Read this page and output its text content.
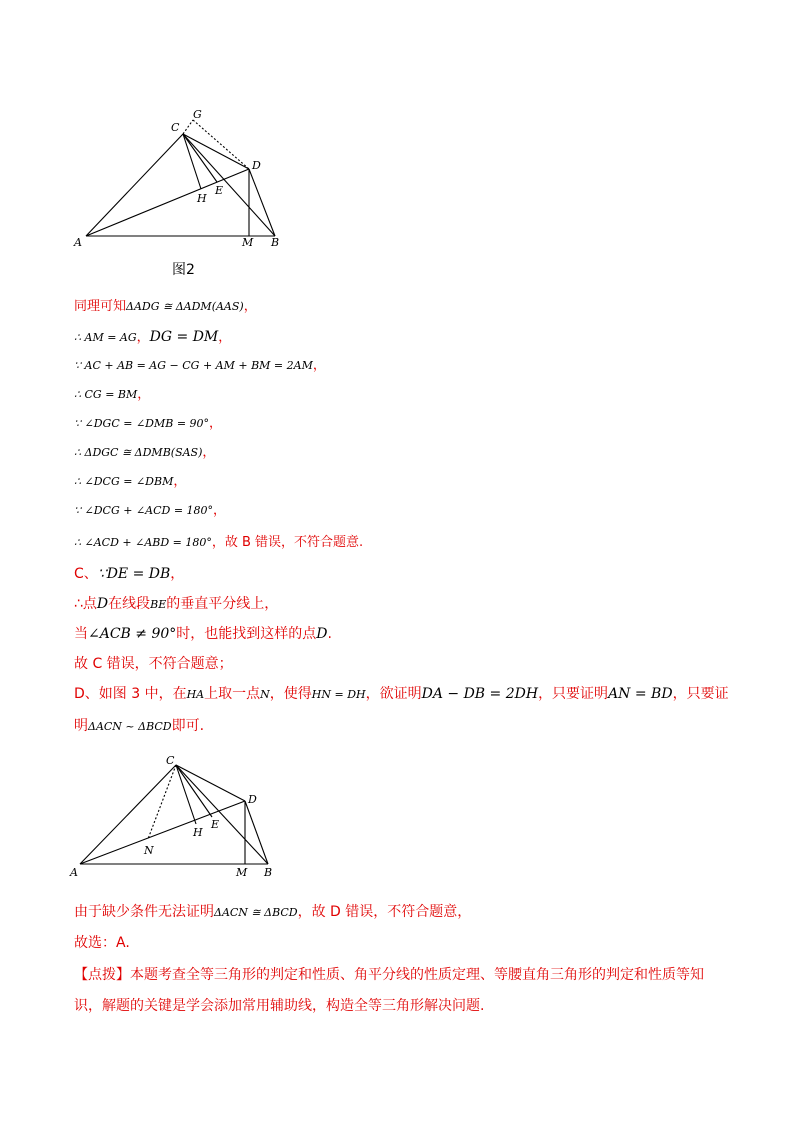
A	B
C
D
E
G
H
M
图2
同理可知ΔADG ≅ ΔADM(AAS)，
∴ AM = AG，DG = DM，
∵ AC + AB = AG − CG + AM + BM = 2AM，
∴ CG = BM，
∵ ∠DGC = ∠DMB = 90°，
∴ ΔDGC ≅ ΔDMB(SAS)，
∴ ∠DCG = ∠DBM，
∵ ∠DCG + ∠ACD = 180°，
∴ ∠ACD + ∠ABD = 180°，故 B 错误，不符合题意.
C、∵DE = DB，
∴点D在线段BE的垂直平分线上，
当∠ACB ≠ 90°时，也能找到这样的点D.
故 C 错误，不符合题意；
D、如图 3 中，在HA上取一点N，使得HN = DH，欲证明DA − DB = 2DH，只要证明AN = BD，只要证
明ΔACN ~ ΔBCD即可.
A	B
C
D
E
H
M
N
由于缺少条件无法证明ΔACN ≅ ΔBCD，故 D 错误，不符合题意，
故选：A.
【点拨】本题考查全等三角形的判定和性质、角平分线的性质定理、等腰直角三角形的判定和性质等知
识，解题的关键是学会添加常用辅助线，构造全等三角形解决问题.
